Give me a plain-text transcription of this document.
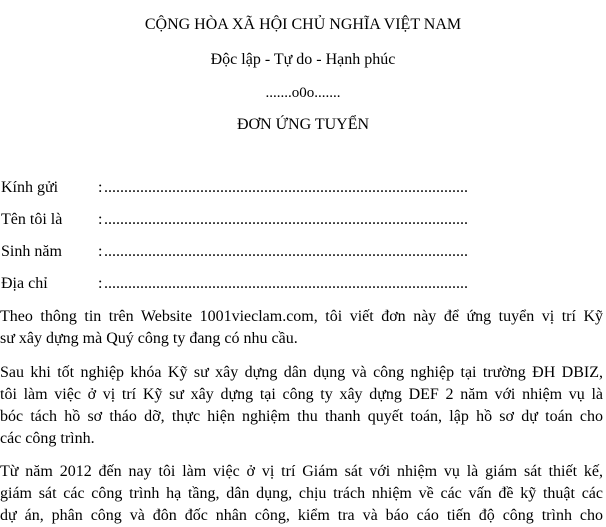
CỘNG HÒA XÃ HỘI CHỦ NGHĨA VIỆT NAM
Độc lập - Tự do - Hạnh phúc
.......o0o.......
ĐƠN ỨNG TUYỂN
Kính gửi : ...........................................................................................
Tên tôi là : ...........................................................................................
Sinh năm : ...........................................................................................
Địa chỉ	: ...........................................................................................
Theo thông tin trên Website 1001vieclam.com, tôi viết đơn này để ứng tuyển vị trí Kỹ
sư xây dựng mà Quý công ty đang có nhu cầu.
Sau khi tốt nghiệp khóa Kỹ sư xây dựng dân dụng và công nghiệp tại trường ĐH DBIZ,
tôi làm việc ở vị trí Kỹ sư xây dựng tại công ty xây dựng DEF 2 năm với nhiệm vụ là
bóc tách hồ sơ tháo dỡ, thực hiện nghiệm thu thanh quyết toán, lập hồ sơ dự toán cho
các công trình.
Từ năm 2012 đến nay tôi làm việc ở vị trí Giám sát với nhiệm vụ là giám sát thiết kế,
giám sát các công trình hạ tầng, dân dụng, chịu trách nhiệm về các vấn đề kỹ thuật các
dự án, phân công và đôn đốc nhân công, kiểm tra và báo cáo tiến độ công trình cho
